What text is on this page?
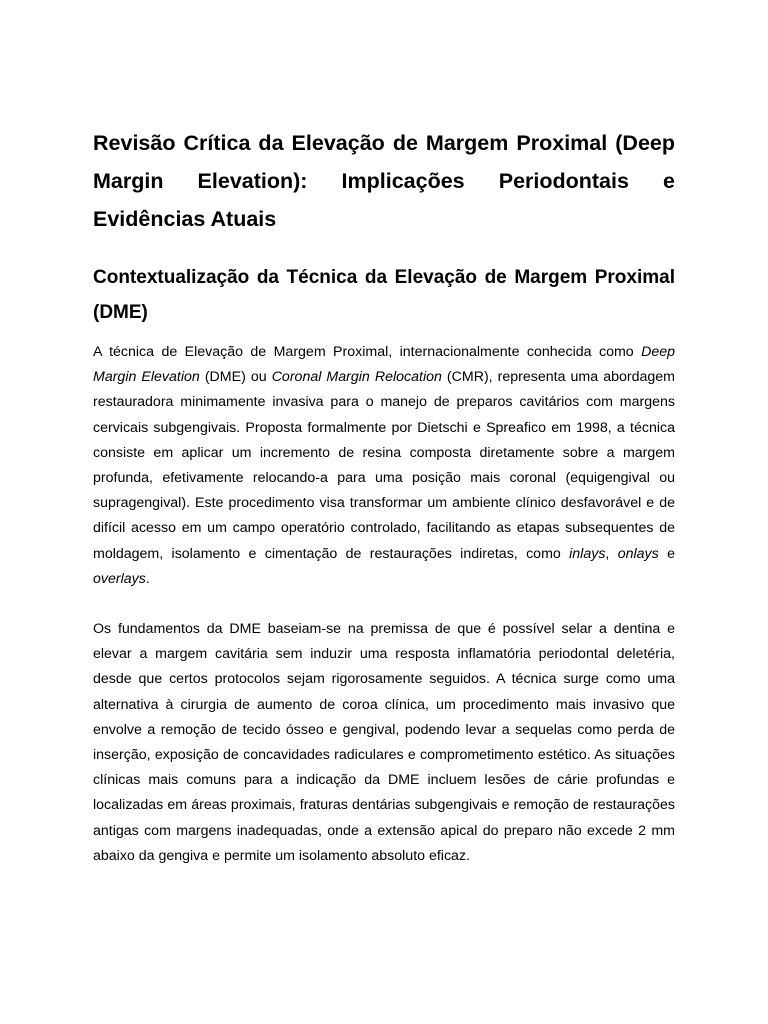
Revisão Crítica da Elevação de Margem Proximal (Deep Margin Elevation): Implicações Periodontais e Evidências Atuais
Contextualização da Técnica da Elevação de Margem Proximal (DME)

A técnica de Elevação de Margem Proximal, internacionalmente conhecida como Deep Margin Elevation (DME) ou Coronal Margin Relocation (CMR), representa uma abordagem restauradora minimamente invasiva para o manejo de preparos cavitários com margens cervicais subgengivais. Proposta formalmente por Dietschi e Spreafico em 1998, a técnica consiste em aplicar um incremento de resina composta diretamente sobre a margem profunda, efetivamente relocando-a para uma posição mais coronal (equigengival ou supragengival). Este procedimento visa transformar um ambiente clínico desfavorável e de difícil acesso em um campo operatório controlado, facilitando as etapas subsequentes de moldagem, isolamento e cimentação de restaurações indiretas, como inlays, onlays e overlays.

Os fundamentos da DME baseiam-se na premissa de que é possível selar a dentina e elevar a margem cavitária sem induzir uma resposta inflamatória periodontal deletéria, desde que certos protocolos sejam rigorosamente seguidos. A técnica surge como uma alternativa à cirurgia de aumento de coroa clínica, um procedimento mais invasivo que envolve a remoção de tecido ósseo e gengival, podendo levar a sequelas como perda de inserção, exposição de concavidades radiculares e comprometimento estético. As situações clínicas mais comuns para a indicação da DME incluem lesões de cárie profundas e localizadas em áreas proximais, fraturas dentárias subgengivais e remoção de restaurações antigas com margens inadequadas, onde a extensão apical do preparo não excede 2 mm abaixo da gengiva e permite um isolamento absoluto eficaz.
